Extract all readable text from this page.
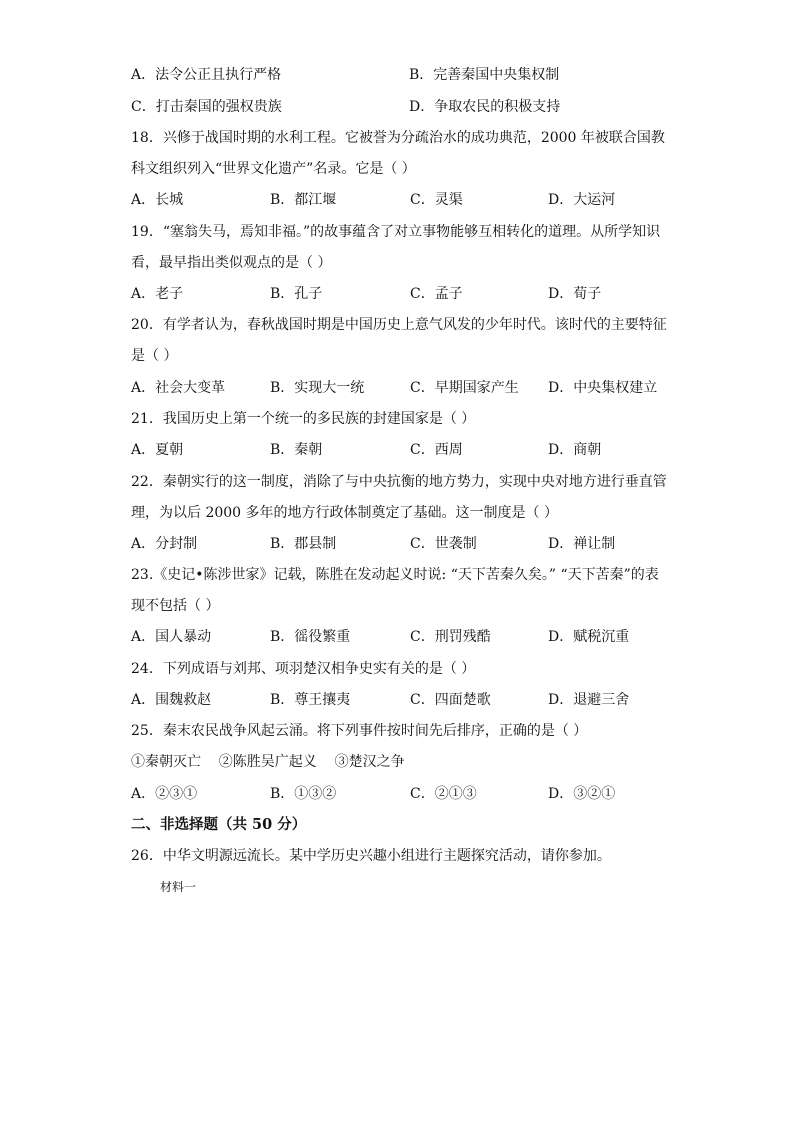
A．法令公正且执行严格	B．完善秦国中央集权制
C．打击秦国的强权贵族	D．争取农民的积极支持
18．兴修于战国时期的水利工程。它被誉为分疏治水的成功典范，2000 年被联合国教
科文组织列入“世界文化遗产”名录。它是（ ）
A．长城	B．都江堰	C．灵渠	D．大运河
19．“塞翁失马，焉知非福。”的故事蕴含了对立事物能够互相转化的道理。从所学知识
看，最早指出类似观点的是（ ）
A．老子	B．孔子	C．孟子	D．荀子
20．有学者认为，春秋战国时期是中国历史上意气风发的少年时代。该时代的主要特征
是（ ）
A．社会大变革	B．实现大一统	C．早期国家产生 D．中央集权建立
21．我国历史上第一个统一的多民族的封建国家是（ ）
A．夏朝	B．秦朝	C．西周	D．商朝
22．秦朝实行的这一制度，消除了与中央抗衡的地方势力，实现中央对地方进行垂直管
理，为以后 2000 多年的地方行政体制奠定了基础。这一制度是（ ）
A．分封制	B．郡县制	C．世袭制	D．禅让制
23.《史记•陈涉世家》记载，陈胜在发动起义时说: “天下苦秦久矣。” “天下苦秦”的表
现不包括（ ）
A．国人暴动	B．徭役繁重	C．刑罚残酷	D．赋税沉重
24．下列成语与刘邦、项羽楚汉相争史实有关的是（ ）
A．围魏救赵	B．尊王攘夷	C．四面楚歌	D．退避三舍
25．秦末农民战争风起云涌。将下列事件按时间先后排序，正确的是（ ）
①秦朝灭亡    ②陈胜吴广起义    ③楚汉之争
A．②③①	B．①③②	C．②①③	D．③②①
二、非选择题（共 50 分）
26．中华文明源远流长。某中学历史兴趣小组进行主题探究活动，请你参加。
材料一
